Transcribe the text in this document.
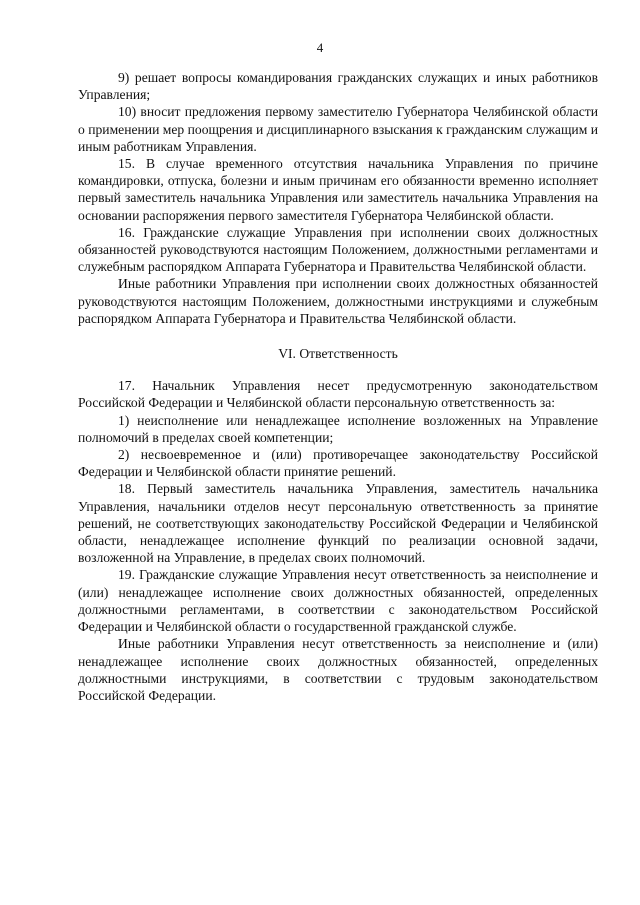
4

9) решает вопросы командирования гражданских служащих и иных работников Управления;

10) вносит предложения первому заместителю Губернатора Челябинской области о применении мер поощрения и дисциплинарного взыскания к гражданским служащим и иным работникам Управления.

15. В случае временного отсутствия начальника Управления по причине командировки, отпуска, болезни и иным причинам его обязанности временно исполняет первый заместитель начальника Управления или заместитель начальника Управления на основании распоряжения первого заместителя Губернатора Челябинской области.

16. Гражданские служащие Управления при исполнении своих должностных обязанностей руководствуются настоящим Положением, должностными регламентами и служебным распорядком Аппарата Губернатора и Правительства Челябинской области.

Иные работники Управления при исполнении своих должностных обязанностей руководствуются настоящим Положением, должностными инструкциями и служебным распорядком Аппарата Губернатора и Правительства Челябинской области.

VI. Ответственность

17. Начальник Управления несет предусмотренную законодательством Российской Федерации и Челябинской области персональную ответственность за:

1) неисполнение или ненадлежащее исполнение возложенных на Управление полномочий в пределах своей компетенции;

2) несвоевременное и (или) противоречащее законодательству Российской Федерации и Челябинской области принятие решений.

18. Первый заместитель начальника Управления, заместитель начальника Управления, начальники отделов несут персональную ответственность за принятие решений, не соответствующих законодательству Российской Федерации и Челябинской области, ненадлежащее исполнение функций по реализации основной задачи, возложенной на Управление, в пределах своих полномочий.

19. Гражданские служащие Управления несут ответственность за неисполнение и (или) ненадлежащее исполнение своих должностных обязанностей, определенных должностными регламентами, в соответствии с законодательством Российской Федерации и Челябинской области о государственной гражданской службе.

Иные работники Управления несут ответственность за неисполнение и (или) ненадлежащее исполнение своих должностных обязанностей, определенных должностными инструкциями, в соответствии с трудовым законодательством Российской Федерации.
